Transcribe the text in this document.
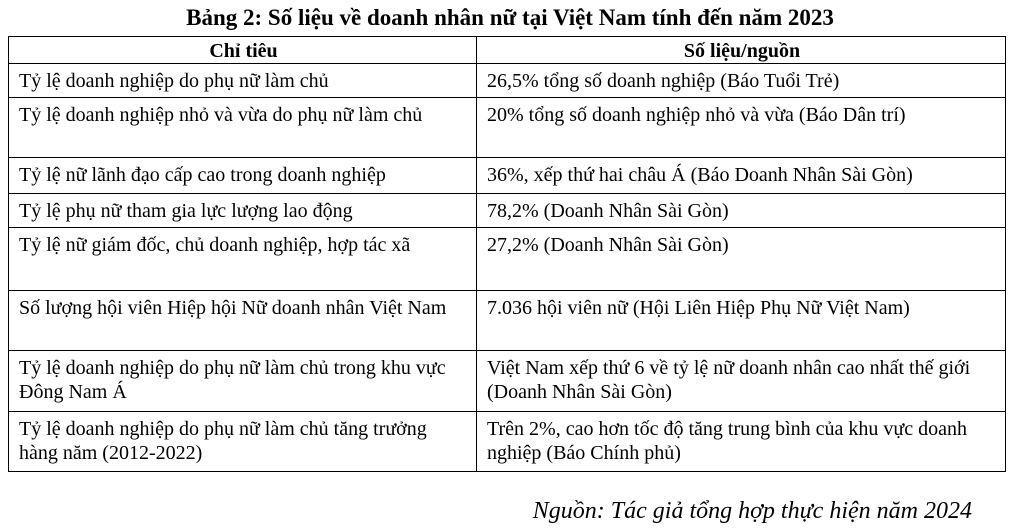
Bảng 2: Số liệu về doanh nhân nữ tại Việt Nam tính đến năm 2023
Chỉ tiêu	Số liệu/nguồn
Tỷ lệ doanh nghiệp do phụ nữ làm chủ	26,5% tổng số doanh nghiệp (Báo Tuổi Trẻ)
Tỷ lệ doanh nghiệp nhỏ và vừa do phụ nữ làm chủ	20% tổng số doanh nghiệp nhỏ và vừa (Báo Dân trí)
Tỷ lệ nữ lãnh đạo cấp cao trong doanh nghiệp	36%, xếp thứ hai châu Á (Báo Doanh Nhân Sài Gòn)
Tỷ lệ phụ nữ tham gia lực lượng lao động	78,2% (Doanh Nhân Sài Gòn)
Tỷ lệ nữ giám đốc, chủ doanh nghiệp, hợp tác xã	27,2% (Doanh Nhân Sài Gòn)
Số lượng hội viên Hiệp hội Nữ doanh nhân Việt Nam	7.036 hội viên nữ (Hội Liên Hiệp Phụ Nữ Việt Nam)
Tỷ lệ doanh nghiệp do phụ nữ làm chủ trong khu vực Đông Nam Á	Việt Nam xếp thứ 6 về tỷ lệ nữ doanh nhân cao nhất thế giới (Doanh Nhân Sài Gòn)
Tỷ lệ doanh nghiệp do phụ nữ làm chủ tăng trưởng hàng năm (2012-2022)	Trên 2%, cao hơn tốc độ tăng trung bình của khu vực doanh nghiệp (Báo Chính phủ)
Nguồn: Tác giả tổng hợp thực hiện năm 2024
